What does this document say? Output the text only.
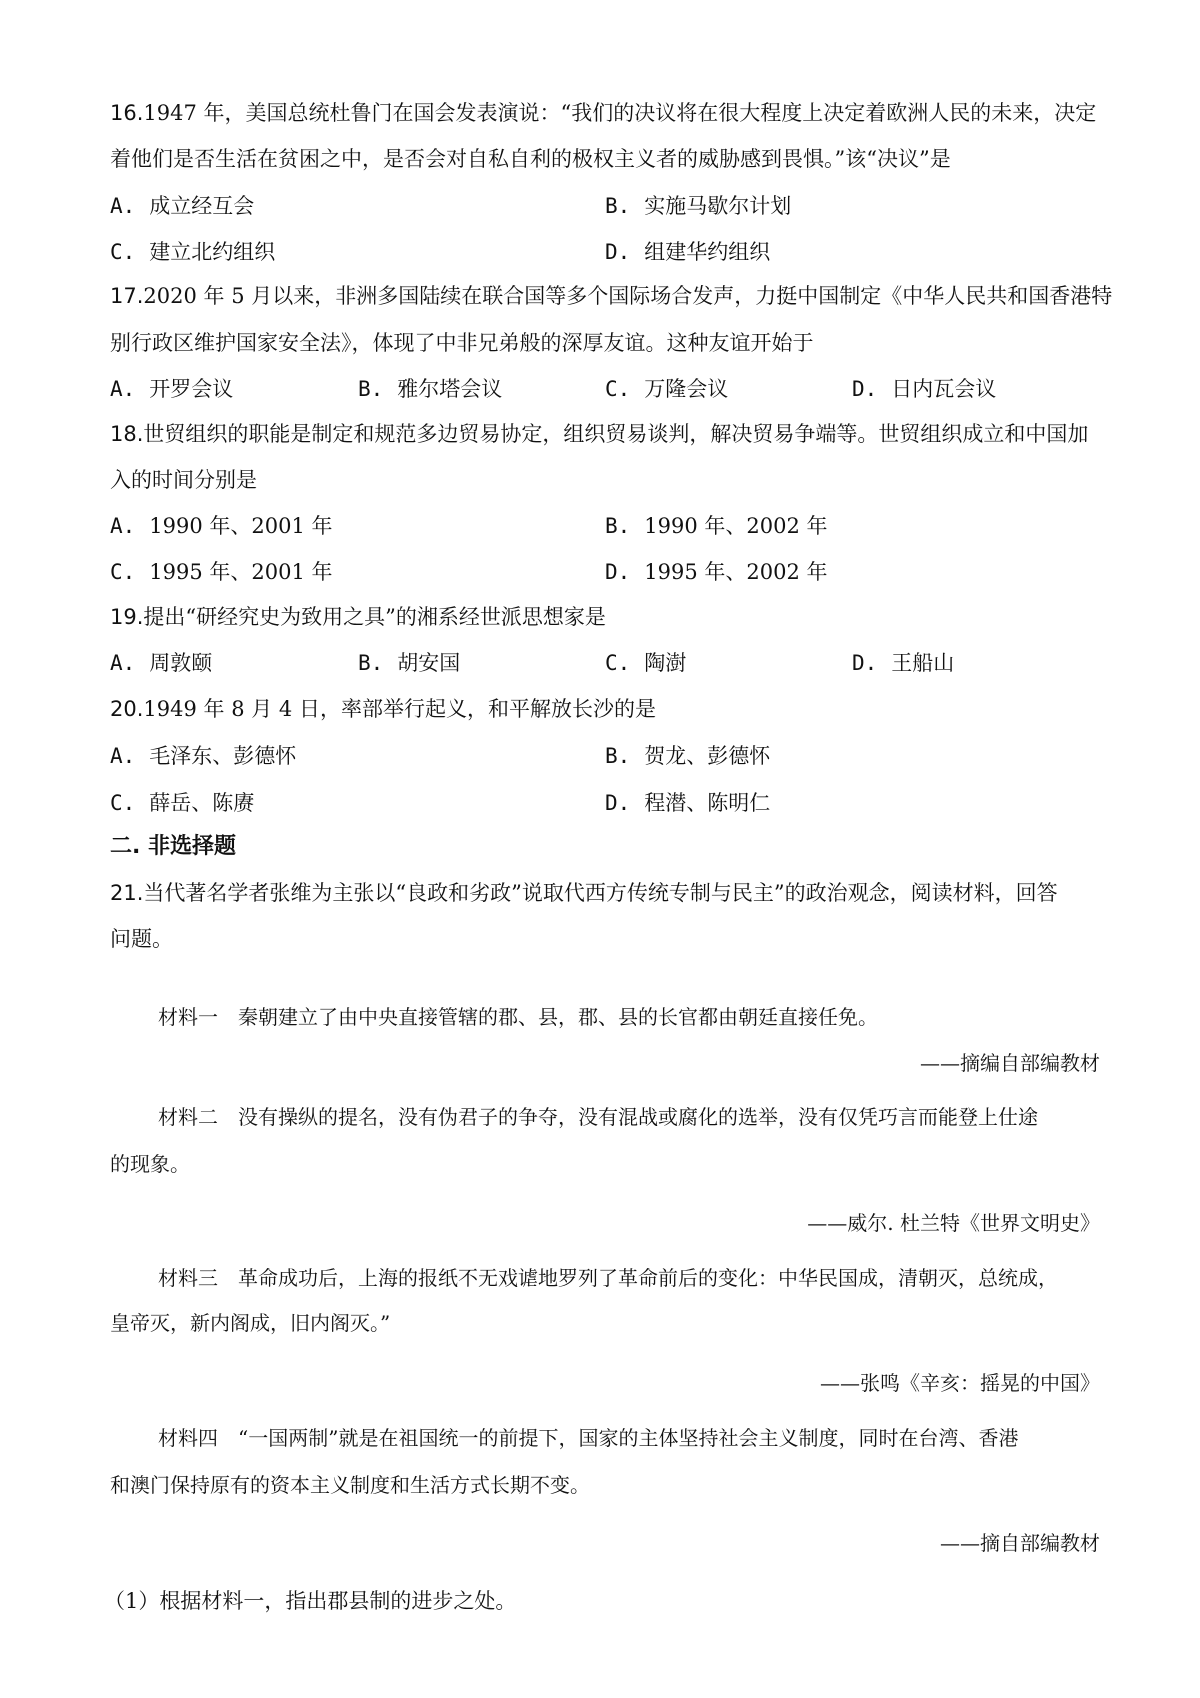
16.1947 年，美国总统杜鲁门在国会发表演说：“我们的决议将在很大程度上决定着欧洲人民的未来，决定
着他们是否生活在贫困之中，是否会对自私自利的极权主义者的威胁感到畏惧。”该“决议”是
A. 成立经互会	B. 实施马歇尔计划
C. 建立北约组织	D. 组建华约组织
17.2020 年 5 月以来，非洲多国陆续在联合国等多个国际场合发声，力挺中国制定《中华人民共和国香港特
别行政区维护国家安全法》，体现了中非兄弟般的深厚友谊。这种友谊开始于
A. 开罗会议	B. 雅尔塔会议	C. 万隆会议	D. 日内瓦会议
18.世贸组织的职能是制定和规范多边贸易协定，组织贸易谈判，解决贸易争端等。世贸组织成立和中国加
入的时间分别是
A. 1990 年、2001 年	B. 1990 年、2002 年
C. 1995 年、2001 年	D. 1995 年、2002 年
19.提出“研经究史为致用之具”的湘系经世派思想家是
A. 周敦颐	B. 胡安国	C. 陶澍	D. 王船山
20.1949 年 8 月 4 日，率部举行起义，和平解放长沙的是
A. 毛泽东、彭德怀	B. 贺龙、彭德怀
C. 薛岳、陈赓	D. 程潜、陈明仁
二. 非选择题
21.当代著名学者张维为主张以“良政和劣政”说取代西方传统专制与民主”的政治观念，阅读材料，回答
问题。
材料一 秦朝建立了由中央直接管辖的郡、县，郡、县的长官都由朝廷直接任免。
——摘编自部编教材
材料二 没有操纵的提名，没有伪君子的争夺，没有混战或腐化的选举，没有仅凭巧言而能登上仕途
的现象。
——威尔. 杜兰特《世界文明史》
材料三 革命成功后，上海的报纸不无戏谑地罗列了革命前后的变化：中华民国成，清朝灭，总统成，
皇帝灭，新内阁成，旧内阁灭。”
——张鸣《辛亥：摇晃的中国》
材料四 “一国两制”就是在祖国统一的前提下，国家的主体坚持社会主义制度，同时在台湾、香港
和澳门保持原有的资本主义制度和生活方式长期不变。
——摘自部编教材
（1）根据材料一，指出郡县制的进步之处。
